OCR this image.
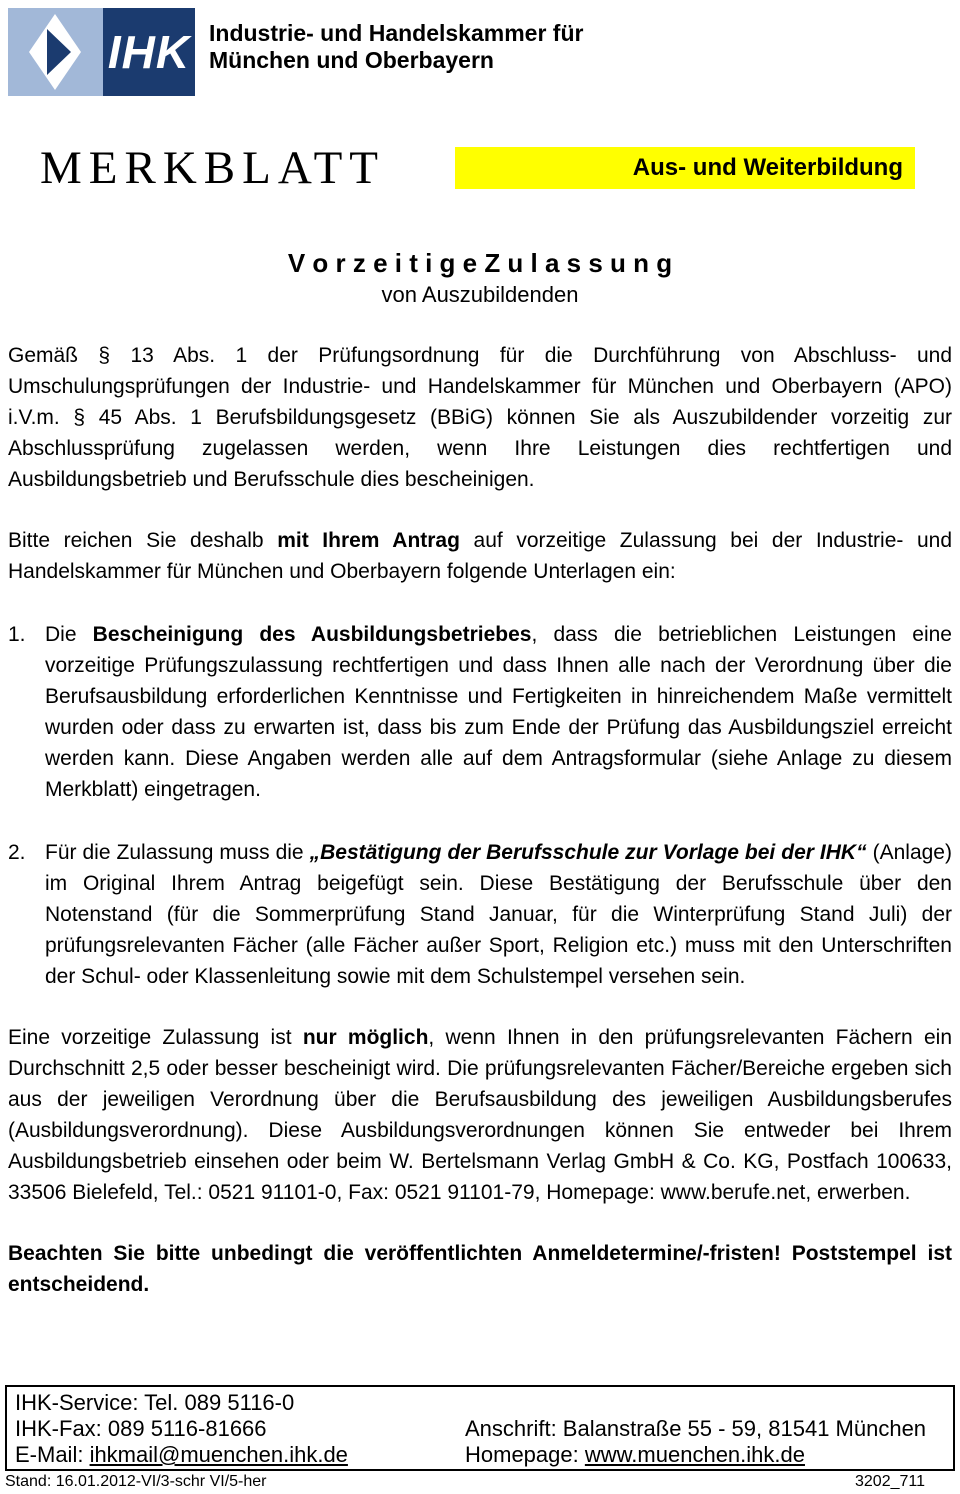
IHK Industrie- und Handelskammer für
München und Oberbayern
MERKBLATT	Aus- und Weiterbildung
V o r z e i t i g e Z u l a s s u n g
von Auszubildenden

Gemäß § 13 Abs. 1 der Prüfungsordnung für die Durchführung von Abschluss- und Umschulungsprüfungen der Industrie- und Handelskammer für München und Oberbayern (APO) i.V.m. § 45 Abs. 1 Berufsbildungsgesetz (BBiG) können Sie als Auszubildender vorzeitig zur Abschlussprüfung zugelassen werden, wenn Ihre Leistungen dies rechtfertigen und Ausbildungsbetrieb und Berufsschule dies bescheinigen.

Bitte reichen Sie deshalb mit Ihrem Antrag auf vorzeitige Zulassung bei der Industrie- und Handelskammer für München und Oberbayern folgende Unterlagen ein:

1. Die Bescheinigung des Ausbildungsbetriebes, dass die betrieblichen Leistungen eine vorzeitige Prüfungszulassung rechtfertigen und dass Ihnen alle nach der Verordnung über die Berufsausbildung erforderlichen Kenntnisse und Fertigkeiten in hinreichendem Maße vermittelt wurden oder dass zu erwarten ist, dass bis zum Ende der Prüfung das Ausbildungsziel erreicht werden kann. Diese Angaben werden alle auf dem Antragsformular (siehe Anlage zu diesem Merkblatt) eingetragen.
2. Für die Zulassung muss die „Bestätigung der Berufsschule zur Vorlage bei der IHK“ (Anlage) im Original Ihrem Antrag beigefügt sein. Diese Bestätigung der Berufsschule über den Notenstand (für die Sommerprüfung Stand Januar, für die Winterprüfung Stand Juli) der prüfungsrelevanten Fächer (alle Fächer außer Sport, Religion etc.) muss mit den Unterschriften der Schul- oder Klassenleitung sowie mit dem Schulstempel versehen sein.

Eine vorzeitige Zulassung ist nur möglich, wenn Ihnen in den prüfungsrelevanten Fächern ein Durchschnitt 2,5 oder besser bescheinigt wird. Die prüfungsrelevanten Fächer/Bereiche ergeben sich aus der jeweiligen Verordnung über die Berufsausbildung des jeweiligen Ausbildungsberufes (Ausbildungsverordnung). Diese Ausbildungsverordnungen können Sie entweder bei Ihrem Ausbildungsbetrieb einsehen oder beim W. Bertelsmann Verlag GmbH & Co. KG, Postfach 100633, 33506 Bielefeld, Tel.: 0521 91101-0, Fax: 0521 91101-79, Homepage: www.berufe.net, erwerben.

Beachten Sie bitte unbedingt die veröffentlichten Anmeldetermine/-fristen! Poststempel ist entscheidend.

IHK-Service: Tel. 089 5116-0
IHK-Fax: 089 5116-81666	Anschrift: Balanstraße 55 - 59, 81541 München
E-Mail: ihkmail@muenchen.ihk.de	Homepage: www.muenchen.ihk.de
Stand: 16.01.2012-VI/3-schr VI/5-her	3202_711
